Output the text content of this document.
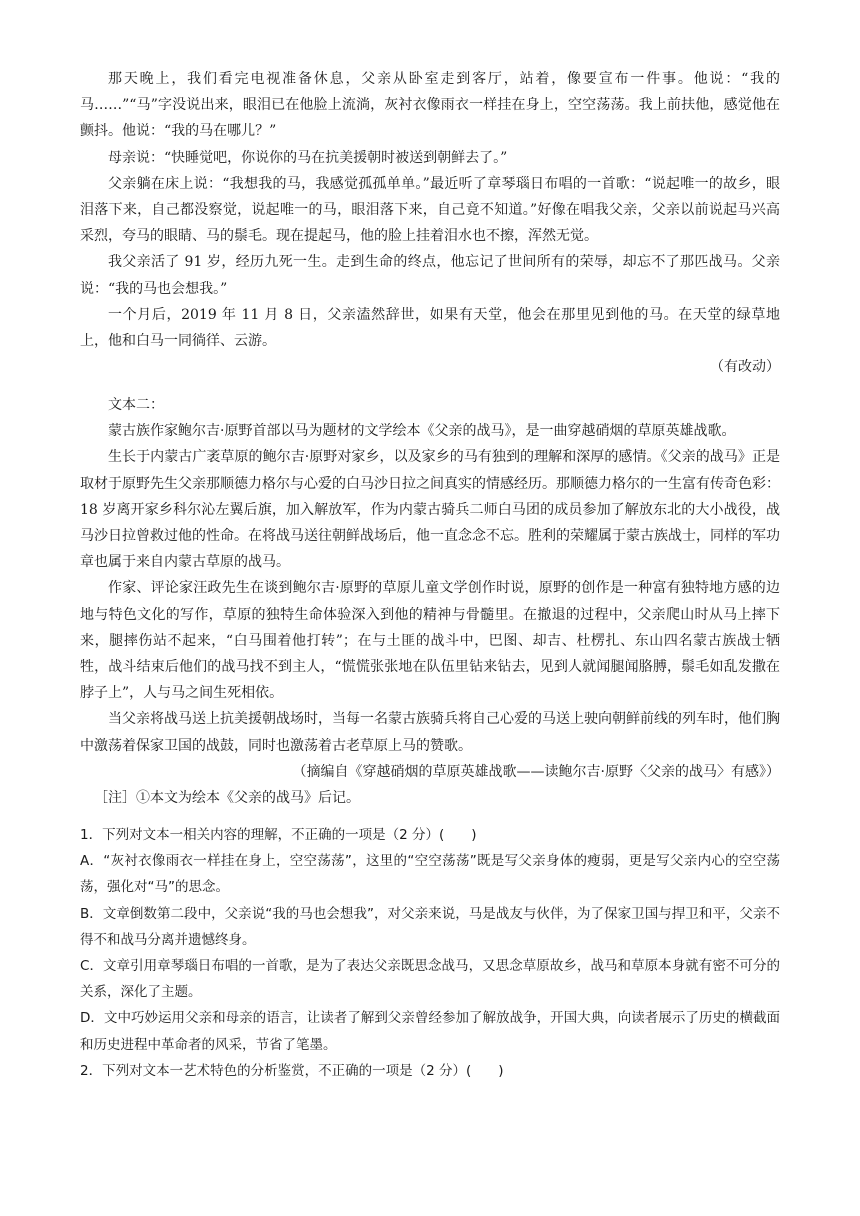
那天晚上，我们看完电视准备休息，父亲从卧室走到客厅，站着，像要宣布一件事。他说：“我的马……”“马”字没说出来，眼泪已在他脸上流淌，灰衬衣像雨衣一样挂在身上，空空荡荡。我上前扶他，感觉他在颤抖。他说：“我的马在哪儿？”

母亲说：“快睡觉吧，你说你的马在抗美援朝时被送到朝鲜去了。”

父亲躺在床上说：“我想我的马，我感觉孤孤单单。”最近听了章琴瑙日布唱的一首歌：“说起唯一的故乡，眼泪落下来，自己都没察觉，说起唯一的马，眼泪落下来，自己竟不知道。”好像在唱我父亲，父亲以前说起马兴高采烈，夸马的眼睛、马的鬃毛。现在提起马，他的脸上挂着泪水也不擦，浑然无觉。

我父亲活了 91 岁，经历九死一生。走到生命的终点，他忘记了世间所有的荣辱，却忘不了那匹战马。父亲说：“我的马也会想我。”

一个月后，2019 年 11 月 8 日，父亲溘然辞世，如果有天堂，他会在那里见到他的马。在天堂的绿草地上，他和白马一同徜徉、云游。

（有改动）

文本二：

蒙古族作家鲍尔吉·原野首部以马为题材的文学绘本《父亲的战马》，是一曲穿越硝烟的草原英雄战歌。

生长于内蒙古广袤草原的鲍尔吉·原野对家乡，以及家乡的马有独到的理解和深厚的感情。《父亲的战马》正是取材于原野先生父亲那顺德力格尔与心爱的白马沙日拉之间真实的情感经历。那顺德力格尔的一生富有传奇色彩：18 岁离开家乡科尔沁左翼后旗，加入解放军，作为内蒙古骑兵二师白马团的成员参加了解放东北的大小战役，战马沙日拉曾救过他的性命。在将战马送往朝鲜战场后，他一直念念不忘。胜利的荣耀属于蒙古族战士，同样的军功章也属于来自内蒙古草原的战马。

作家、评论家汪政先生在谈到鲍尔吉·原野的草原儿童文学创作时说，原野的创作是一种富有独特地方感的边地与特色文化的写作，草原的独特生命体验深入到他的精神与骨髓里。在撤退的过程中，父亲爬山时从马上摔下来，腿摔伤站不起来，“白马围着他打转”；在与土匪的战斗中，巴图、却吉、杜楞扎、东山四名蒙古族战士牺牲，战斗结束后他们的战马找不到主人，“慌慌张张地在队伍里钻来钻去，见到人就闻腿闻胳膊，鬃毛如乱发撒在脖子上”，人与马之间生死相依。

当父亲将战马送上抗美援朝战场时，当每一名蒙古族骑兵将自己心爱的马送上驶向朝鲜前线的列车时，他们胸中激荡着保家卫国的战鼓，同时也激荡着古老草原上马的赞歌。

（摘编自《穿越硝烟的草原英雄战歌——读鲍尔吉·原野〈父亲的战马〉有感》）

［注］①本文为绘本《父亲的战马》后记。

1．下列对文本一相关内容的理解，不正确的一项是（2 分）(　　)

A．“灰衬衣像雨衣一样挂在身上，空空荡荡”，这里的“空空荡荡”既是写父亲身体的瘦弱，更是写父亲内心的空空荡荡，强化对“马”的思念。

B．文章倒数第二段中，父亲说“我的马也会想我”，对父亲来说，马是战友与伙伴，为了保家卫国与捍卫和平，父亲不得不和战马分离并遗憾终身。

C．文章引用章琴瑙日布唱的一首歌，是为了表达父亲既思念战马，又思念草原故乡，战马和草原本身就有密不可分的关系，深化了主题。

D．文中巧妙运用父亲和母亲的语言，让读者了解到父亲曾经参加了解放战争，开国大典，向读者展示了历史的横截面和历史进程中革命者的风采，节省了笔墨。

2．下列对文本一艺术特色的分析鉴赏，不正确的一项是（2 分）(　　)
